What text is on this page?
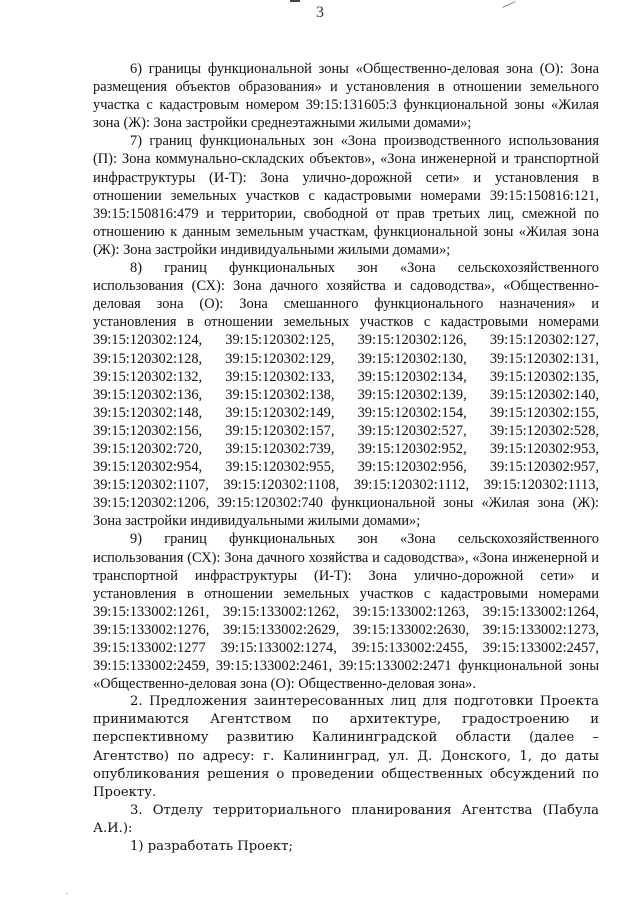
3

6) границы функциональной зоны «Общественно-деловая зона (О): Зона размещения объектов образования» и установления в отношении земельного участка с кадастровым номером 39:15:131605:3 функциональной зоны «Жилая зона (Ж): Зона застройки среднеэтажными жилыми домами»;

7) границ функциональных зон «Зона производственного использования (П): Зона коммунально-складских объектов», «Зона инженерной и транспортной инфраструктуры (И-Т): Зона улично-дорожной сети» и установления в отношении земельных участков с кадастровыми номерами 39:15:150816:121, 39:15:150816:479 и территории, свободной от прав третьих лиц, смежной по отношению к данным земельным участкам, функциональной зоны «Жилая зона (Ж): Зона застройки индивидуальными жилыми домами»;

8) границ функциональных зон «Зона сельскохозяйственного использования (СХ): Зона дачного хозяйства и садоводства», «Общественно-деловая зона (О): Зона смешанного функционального назначения» и установления в отношении земельных участков с кадастровыми номерами 39:15:120302:124, 39:15:120302:125, 39:15:120302:126, 39:15:120302:127, 39:15:120302:128, 39:15:120302:129, 39:15:120302:130, 39:15:120302:131, 39:15:120302:132, 39:15:120302:133, 39:15:120302:134, 39:15:120302:135, 39:15:120302:136, 39:15:120302:138, 39:15:120302:139, 39:15:120302:140, 39:15:120302:148, 39:15:120302:149, 39:15:120302:154, 39:15:120302:155, 39:15:120302:156, 39:15:120302:157, 39:15:120302:527, 39:15:120302:528, 39:15:120302:720, 39:15:120302:739, 39:15:120302:952, 39:15:120302:953, 39:15:120302:954, 39:15:120302:955, 39:15:120302:956, 39:15:120302:957, 39:15:120302:1107, 39:15:120302:1108, 39:15:120302:1112, 39:15:120302:1113, 39:15:120302:1206, 39:15:120302:740 функциональной зоны «Жилая зона (Ж): Зона застройки индивидуальными жилыми домами»;

9) границ функциональных зон «Зона сельскохозяйственного использования (СХ): Зона дачного хозяйства и садоводства», «Зона инженерной и транспортной инфраструктуры (И-Т): Зона улично-дорожной сети» и установления в отношении земельных участков с кадастровыми номерами 39:15:133002:1261, 39:15:133002:1262, 39:15:133002:1263, 39:15:133002:1264, 39:15:133002:1276, 39:15:133002:2629, 39:15:133002:2630, 39:15:133002:1273, 39:15:133002:1277 39:15:133002:1274, 39:15:133002:2455, 39:15:133002:2457, 39:15:133002:2459, 39:15:133002:2461, 39:15:133002:2471 функциональной зоны «Общественно-деловая зона (О): Общественно-деловая зона».

2. Предложения заинтересованных лиц для подготовки Проекта принимаются Агентством по архитектуре, градостроению и перспективному развитию Калининградской области (далее – Агентство) по адресу: г. Калининград, ул. Д. Донского, 1, до даты опубликования решения о проведении общественных обсуждений по Проекту.

3. Отделу территориального планирования Агентства (Пабула А.И.):

1) разработать Проект;
